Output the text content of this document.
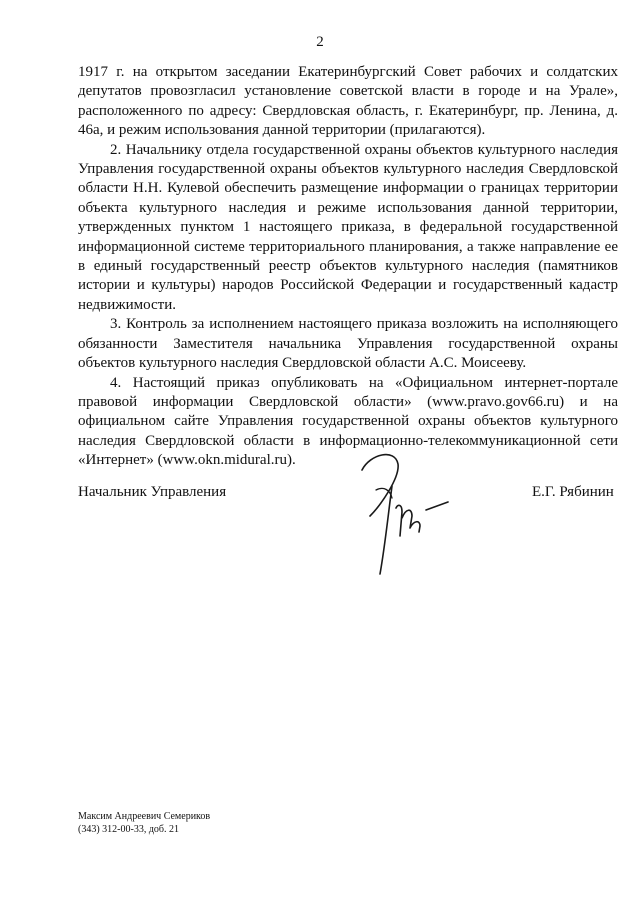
2

1917 г. на открытом заседании Екатеринбургский Совет рабочих и солдатских депутатов провозгласил установление советской власти в городе и на Урале», расположенного по адресу: Свердловская область, г. Екатеринбург, пр. Ленина, д. 46а, и режим использования данной территории (прилагаются).

2. Начальнику отдела государственной охраны объектов культурного наследия Управления государственной охраны объектов культурного наследия Свердловской области Н.Н. Кулевой обеспечить размещение информации о границах территории объекта культурного наследия и режиме использования данной территории, утвержденных пунктом 1 настоящего приказа, в федеральной государственной информационной системе территориального планирования, а также направление ее в единый государственный реестр объектов культурного наследия (памятников истории и культуры) народов Российской Федерации и государственный кадастр недвижимости.

3. Контроль за исполнением настоящего приказа возложить на исполняющего обязанности Заместителя начальника Управления государственной охраны объектов культурного наследия Свердловской области А.С. Моисееву.

4. Настоящий приказ опубликовать на «Официальном интернет-портале правовой информации Свердловской области» (www.pravo.gov66.ru) и на официальном сайте Управления государственной охраны объектов культурного наследия Свердловской области в информационно-телекоммуникационной сети «Интернет» (www.okn.midural.ru).

Начальник Управления	Е.Г. Рябинин
Максим Андреевич Семериков
(343) 312-00-33, доб. 21
